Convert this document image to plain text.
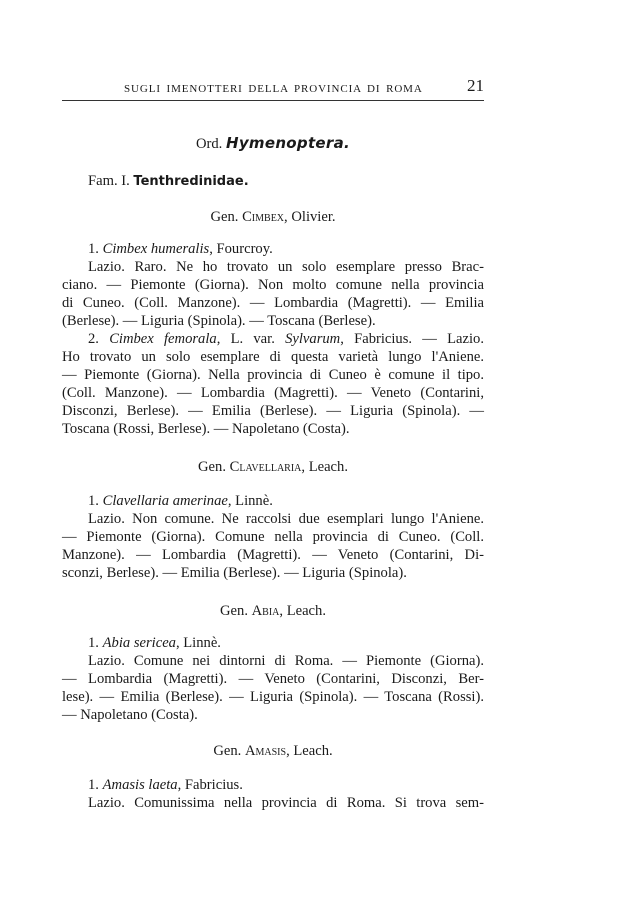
SUGLI IMENOTTERI DELLA PROVINCIA DI ROMA	21
Ord. Hymenoptera.
Fam. I. Tenthredinidae.
Gen. Cimbex, Olivier.
1. Cimbex humeralis, Fourcroy.
Lazio. Raro. Ne ho trovato un solo esemplare presso Brac-
ciano. — Piemonte (Giorna). Non molto comune nella provincia
di Cuneo. (Coll. Manzone). — Lombardia (Magretti). — Emilia
(Berlese). — Liguria (Spinola). — Toscana (Berlese).
2. Cimbex femorala, L. var. Sylvarum, Fabricius. — Lazio.
Ho trovato un solo esemplare di questa varietà lungo l'Aniene.
— Piemonte (Giorna). Nella provincia di Cuneo è comune il tipo.
(Coll. Manzone). — Lombardia (Magretti). — Veneto (Contarini,
Disconzi, Berlese). — Emilia (Berlese). — Liguria (Spinola). —
Toscana (Rossi, Berlese). — Napoletano (Costa).
Gen. Clavellaria, Leach.
1. Clavellaria amerinae, Linnè.
Lazio. Non comune. Ne raccolsi due esemplari lungo l'Aniene.
— Piemonte (Giorna). Comune nella provincia di Cuneo. (Coll.
Manzone). — Lombardia (Magretti). — Veneto (Contarini, Di-
sconzi, Berlese). — Emilia (Berlese). — Liguria (Spinola).
Gen. Abia, Leach.
1. Abia sericea, Linnè.
Lazio. Comune nei dintorni di Roma. — Piemonte (Giorna).
— Lombardia (Magretti). — Veneto (Contarini, Disconzi, Ber-
lese). — Emilia (Berlese). — Liguria (Spinola). — Toscana (Rossi).
— Napoletano (Costa).
Gen. Amasis, Leach.
1. Amasis laeta, Fabricius.
Lazio. Comunissima nella provincia di Roma. Si trova sem-
